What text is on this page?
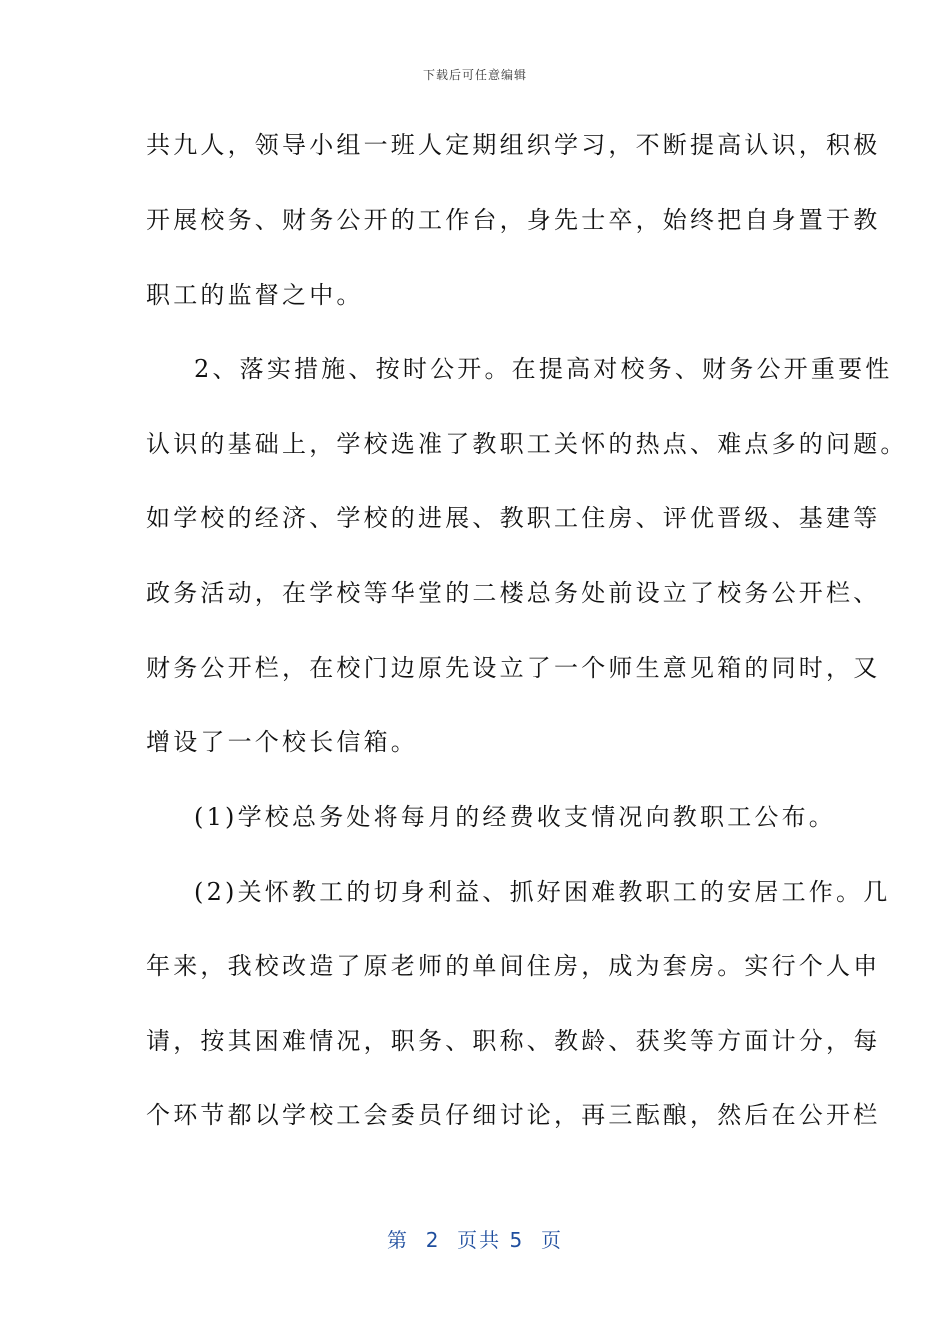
下载后可任意编辑
共九人，领导小组一班人定期组织学习，不断提高认识，积极
开展校务、财务公开的工作台，身先士卒，始终把自身置于教
职工的监督之中。
2、落实措施、按时公开。在提高对校务、财务公开重要性
认识的基础上，学校选准了教职工关怀的热点、难点多的问题。
如学校的经济、学校的进展、教职工住房、评优晋级、基建等
政务活动，在学校等华堂的二楼总务处前设立了校务公开栏、
财务公开栏，在校门边原先设立了一个师生意见箱的同时，又
增设了一个校长信箱。
(1)学校总务处将每月的经费收支情况向教职工公布。
(2)关怀教工的切身利益、抓好困难教职工的安居工作。几
年来，我校改造了原老师的单间住房，成为套房。实行个人申
请，按其困难情况，职务、职称、教龄、获奖等方面计分，每
个环节都以学校工会委员仔细讨论，再三酝酿，然后在公开栏
第  2  页共 5  页
